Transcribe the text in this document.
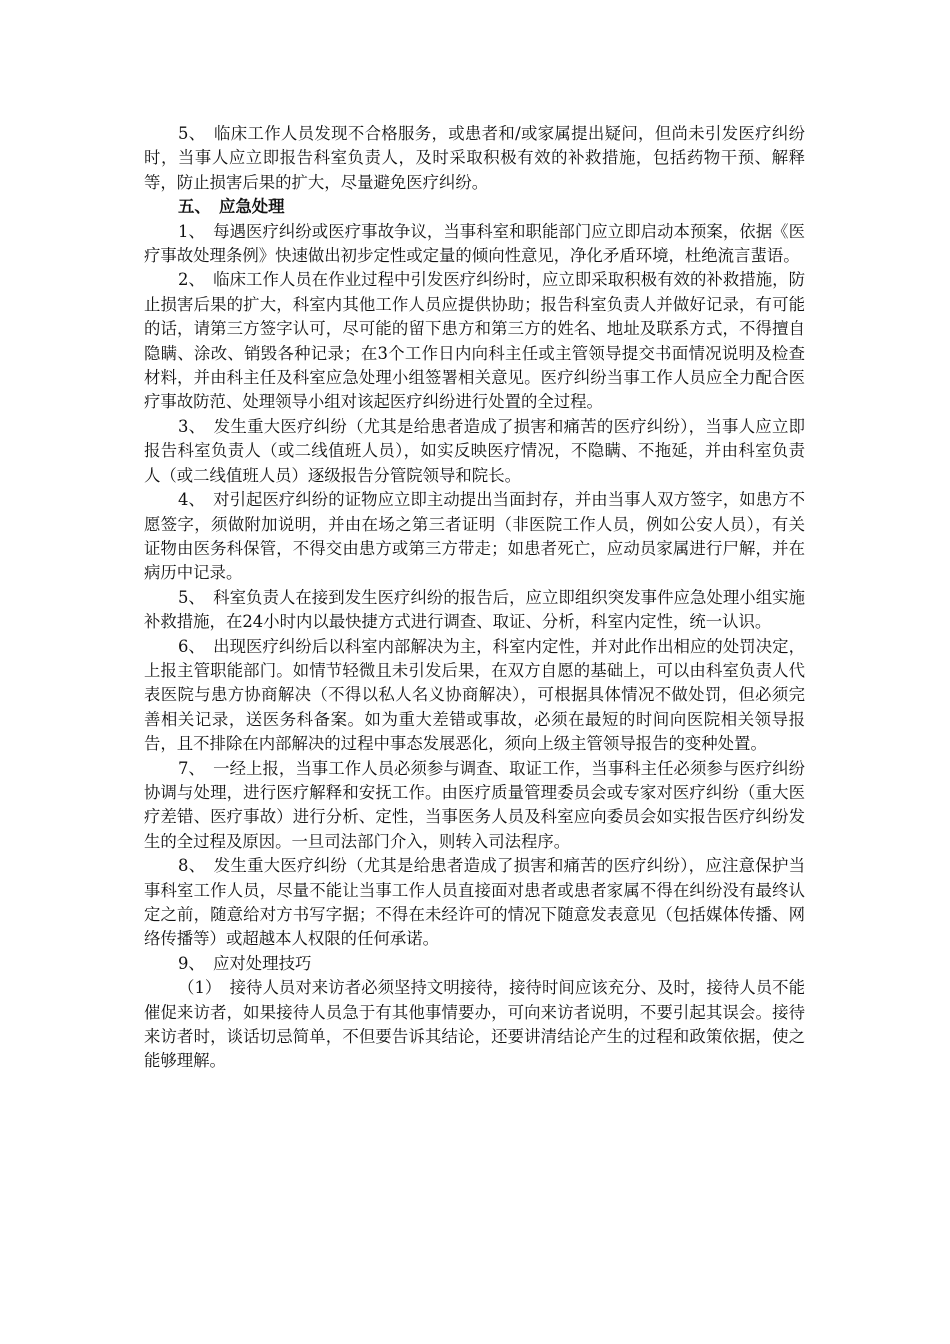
5、　临床工作人员发现不合格服务，或患者和/或家属提出疑问，但尚未引发医疗纠纷时，当事人应立即报告科室负责人，及时采取积极有效的补救措施，包括药物干预、解释等，防止损害后果的扩大，尽量避免医疗纠纷。

五、　应急处理

1、　每遇医疗纠纷或医疗事故争议，当事科室和职能部门应立即启动本预案，依据《医疗事故处理条例》快速做出初步定性或定量的倾向性意见，净化矛盾环境，杜绝流言蜚语。

2、　临床工作人员在作业过程中引发医疗纠纷时，应立即采取积极有效的补救措施，防止损害后果的扩大，科室内其他工作人员应提供协助；报告科室负责人并做好记录，有可能的话，请第三方签字认可，尽可能的留下患方和第三方的姓名、地址及联系方式，不得擅自隐瞒、涂改、销毁各种记录；在3个工作日内向科主任或主管领导提交书面情况说明及检查材料，并由科主任及科室应急处理小组签署相关意见。医疗纠纷当事工作人员应全力配合医疗事故防范、处理领导小组对该起医疗纠纷进行处置的全过程。

3、　发生重大医疗纠纷（尤其是给患者造成了损害和痛苦的医疗纠纷），当事人应立即报告科室负责人（或二线值班人员），如实反映医疗情况，不隐瞒、不拖延，并由科室负责人（或二线值班人员）逐级报告分管院领导和院长。

4、　对引起医疗纠纷的证物应立即主动提出当面封存，并由当事人双方签字，如患方不愿签字，须做附加说明，并由在场之第三者证明（非医院工作人员，例如公安人员），有关证物由医务科保管，不得交由患方或第三方带走；如患者死亡，应动员家属进行尸解，并在病历中记录。

5、　科室负责人在接到发生医疗纠纷的报告后，应立即组织突发事件应急处理小组实施补救措施，在24小时内以最快捷方式进行调查、取证、分析，科室内定性，统一认识。

6、　出现医疗纠纷后以科室内部解决为主，科室内定性，并对此作出相应的处罚决定，上报主管职能部门。如情节轻微且未引发后果，在双方自愿的基础上，可以由科室负责人代表医院与患方协商解决（不得以私人名义协商解决），可根据具体情况不做处罚，但必须完善相关记录，送医务科备案。如为重大差错或事故，必须在最短的时间向医院相关领导报告，且不排除在内部解决的过程中事态发展恶化，须向上级主管领导报告的变种处置。

7、　一经上报，当事工作人员必须参与调查、取证工作，当事科主任必须参与医疗纠纷协调与处理，进行医疗解释和安抚工作。由医疗质量管理委员会或专家对医疗纠纷（重大医疗差错、医疗事故）进行分析、定性，当事医务人员及科室应向委员会如实报告医疗纠纷发生的全过程及原因。一旦司法部门介入，则转入司法程序。

8、　发生重大医疗纠纷（尤其是给患者造成了损害和痛苦的医疗纠纷），应注意保护当事科室工作人员，尽量不能让当事工作人员直接面对患者或患者家属不得在纠纷没有最终认定之前，随意给对方书写字据；不得在未经许可的情况下随意发表意见（包括媒体传播、网络传播等）或超越本人权限的任何承诺。

9、　应对处理技巧

（1）　接待人员对来访者必须坚持文明接待，接待时间应该充分、及时，接待人员不能催促来访者，如果接待人员急于有其他事情要办，可向来访者说明，不要引起其误会。接待来访者时，谈话切忌简单，不但要告诉其结论，还要讲清结论产生的过程和政策依据，使之能够理解。
